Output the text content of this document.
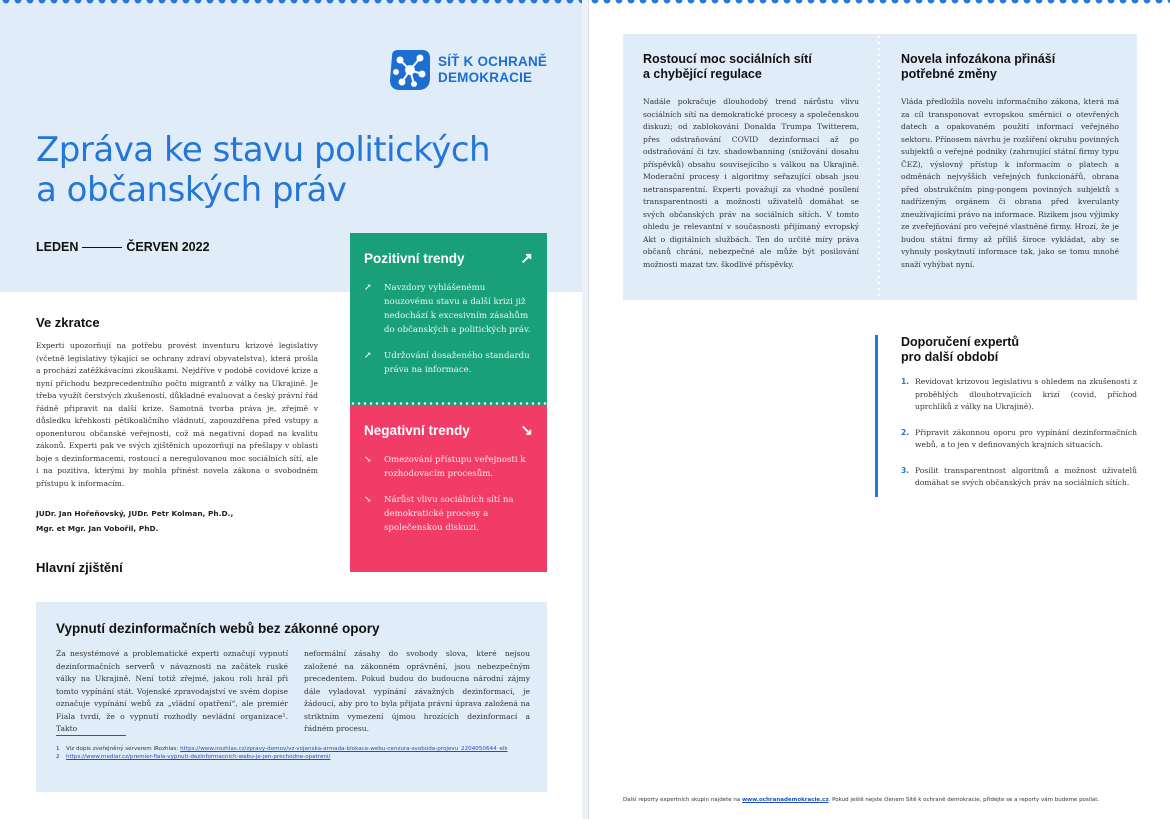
SÍŤ K OCHRANĚ
DEMOKRACIE
Zpráva ke stavu politických
a občanských práv
LEDEN	ČERVEN 2022
Pozitivní trendy	↗
↗ Navzdory vyhlášenému nouzovému stavu a další krizi již nedochází k excesivním zásahům do občanských a politických práv.
↗ Udržování dosaženého standardu práva na informace.
Negativní trendy	↘
↘ Omezování přístupu veřejnosti k rozhodovacím procesům.
↘ Nárůst vlivu sociálních sítí na demokratické procesy a společenskou diskuzi.
Ve zkratce
Experti upozorňují na potřebu provést inventuru krizové legislativy (včetně legislativy týkající se ochrany zdraví obyvatelstva), která prošla a prochází zatěžkávacími zkouškami. Nejdříve v podobě covidové krize a nyní příchodu bezprecedentního počtu migrantů z války na Ukrajině. Je třeba využít čerstvých zkušeností, důkladně evaluovat a český právní řád řádně připravit na další krize. Samotná tvorba práva je, zřejmě v důsledku křehkosti pětikoaličního vládnutí, zapouzdřena před vstupy a oponenturou občanské veřejnosti, což má negativní dopad na kvalitu zákonů. Experti pak ve svých zjištěních upozorňují na přešlapy v oblasti boje s dezinformacemi, rostoucí a neregulovanou moc sociálních sítí, ale i na pozitiva, kterými by mohla přinést novela zákona o svobodném přístupu k informacím.
JUDr. Jan Hořeňovský, JUDr. Petr Kolman, Ph.D.,
Mgr. et Mgr. Jan Vobořil, PhD.
Hlavní zjištění
Vypnutí dezinformačních webů bez zákonné opory
Za nesystémové a problematické experti označují vypnutí dezinformačních serverů v návaznosti na začátek ruské války na Ukrajině. Není totiž zřejmé, jakou roli hrál při tomto vypínání stát. Vojenské zpravodajství ve svém dopise označuje vypínání webů za „vládní opatření“, ale premiér Fiala tvrdí, že o vypnutí rozhodly nevládní organizace¹. Takto
neformální zásahy do svobody slova, které nejsou založené na zákonném oprávnění, jsou nebezpečným precedentem. Pokud budou do budoucna národní zájmy dále vyladovat vypínání závažných dezinformací, je žádoucí, aby pro to byla přijata právní úprava založená na striktním vymezení újmou hrozících dezinformací a řádném procesu.
1 Viz dopis zveřejněný serverem iRozhlas: https://www.irozhlas.cz/zpravy-domov/vz-vojenska-armada-blokace-webu-cenzura-svoboda-projevu_2204050644_elk
2 https://www.mediar.cz/premier-fiala-vypnuti-dezinformacnich-webu-je-jen-prechodne-opatreni/
Rostoucí moc sociálních sítí
a chybějící regulace
Nadále pokračuje dlouhodobý trend nárůstu vlivu sociálních sítí na demokratické procesy a společenskou diskuzi; od zablokování Donalda Trumpa Twitterem, přes odstraňování COVID dezinformací až po odstraňování či tzv. shadowbanning (snižování dosahu příspěvků) obsahu souvisejícího s válkou na Ukrajině. Moderační procesy i algoritmy seřazující obsah jsou netransparentní. Experti považují za vhodné posílení transparentnosti a možnosti uživatelů domáhat se svých občanských práv na sociálních sítích. V tomto ohledu je relevantní v současnosti přijímaný evropský Akt o digitálních službách. Ten do určité míry práva občanů chrání, nebezpečné ale může být posilování možnosti mazat tzv. škodlivé příspěvky.
Novela infozákona přináší
potřebné změny
Vláda předložila novelu informačního zákona, která má za cíl transponovat evropskou směrnici o otevřených datech a opakovaném použití informací veřejného sektoru. Přínosem návrhu je rozšíření okruhu povinných subjektů o veřejné podniky (zahrnující státní firmy typu ČEZ), výslovný přístup k informacím o platech a odměnách nejvyšších veřejných funkcionářů, obrana před obstrukčním ping-pongem povinných subjektů s nadřízeným orgánem či obrana před kverulanty zneužívajícími právo na informace. Rizikem jsou výjimky ze zveřejňování pro veřejné vlastněné firmy. Hrozí, že je budou státní firmy až příliš široce vykládat, aby se vyhnuly poskytnutí informace tak, jako se tomu mnohé snaží vyhýbat nyní.
Doporučení expertů
pro další období
1. Revidovat krizovou legislativu s ohledem na zkušenosti z proběhlých dlouhotrvajících krizí (covid, příchod uprchlíků z války na Ukrajině).
2. Připravit zákonnou oporu pro vypínání dezinformačních webů, a to jen v definovaných krajních situacích.
3. Posílit transparentnost algoritmů a možnost uživatelů domáhat se svých občanských práv na sociálních sítích.
Další reporty expertních skupin najdete na www.ochranademokracie.cz. Pokud ještě nejste členem Sítě k ochraně demokracie, přidejte se a reporty vám budeme posílat.
